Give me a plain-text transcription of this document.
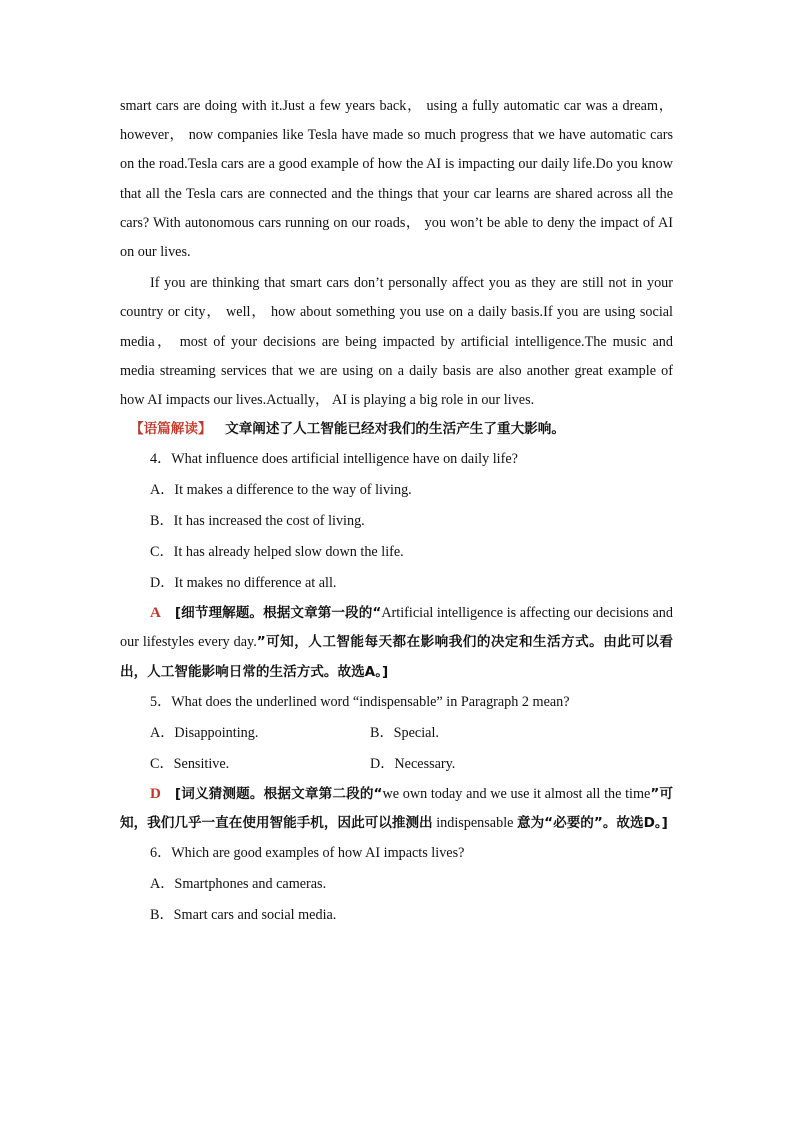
smart cars are doing with it.Just a few years back， using a fully automatic car was a dream， however， now companies like Tesla have made so much progress that we have automatic cars on the road.Tesla cars are a good example of how the AI is impacting our daily life.Do you know that all the Tesla cars are connected and the things that your car learns are shared across all the cars? With autonomous cars running on our roads， you won’t be able to deny the impact of AI on our lives.

If you are thinking that smart cars don’t personally affect you as they are still not in your country or city， well， how about something you use on a daily basis.If you are using social media， most of your decisions are being impacted by artificial intelligence.The music and media streaming services that we are using on a daily basis are also another great example of how AI impacts our lives.Actually， AI is playing a big role in our lives.

【语篇解读】 文章阐述了人工智能已经对我们的生活产生了重大影响。

4．What influence does artificial intelligence have on daily life?

A．It makes a difference to the way of living.

B．It has increased the cost of living.

C．It has already helped slow down the life.

D．It makes no difference at all.

A [细节理解题。根据文章第一段的“Artificial intelligence is affecting our decisions and our lifestyles every day.”可知，人工智能每天都在影响我们的决定和生活方式。由此可以看出，人工智能影响日常的生活方式。故选A。]

5．What does the underlined word “indispensable” in Paragraph 2 mean?

A．Disappointing.	B．Special.
C．Sensitive.	D．Necessary.

D [词义猜测题。根据文章第二段的“we own today and we use it almost all the time”可知，我们几乎一直在使用智能手机，因此可以推测出 indispensable 意为“必要的”。故选D。]

6．Which are good examples of how AI impacts lives?

A．Smartphones and cameras.

B．Smart cars and social media.
